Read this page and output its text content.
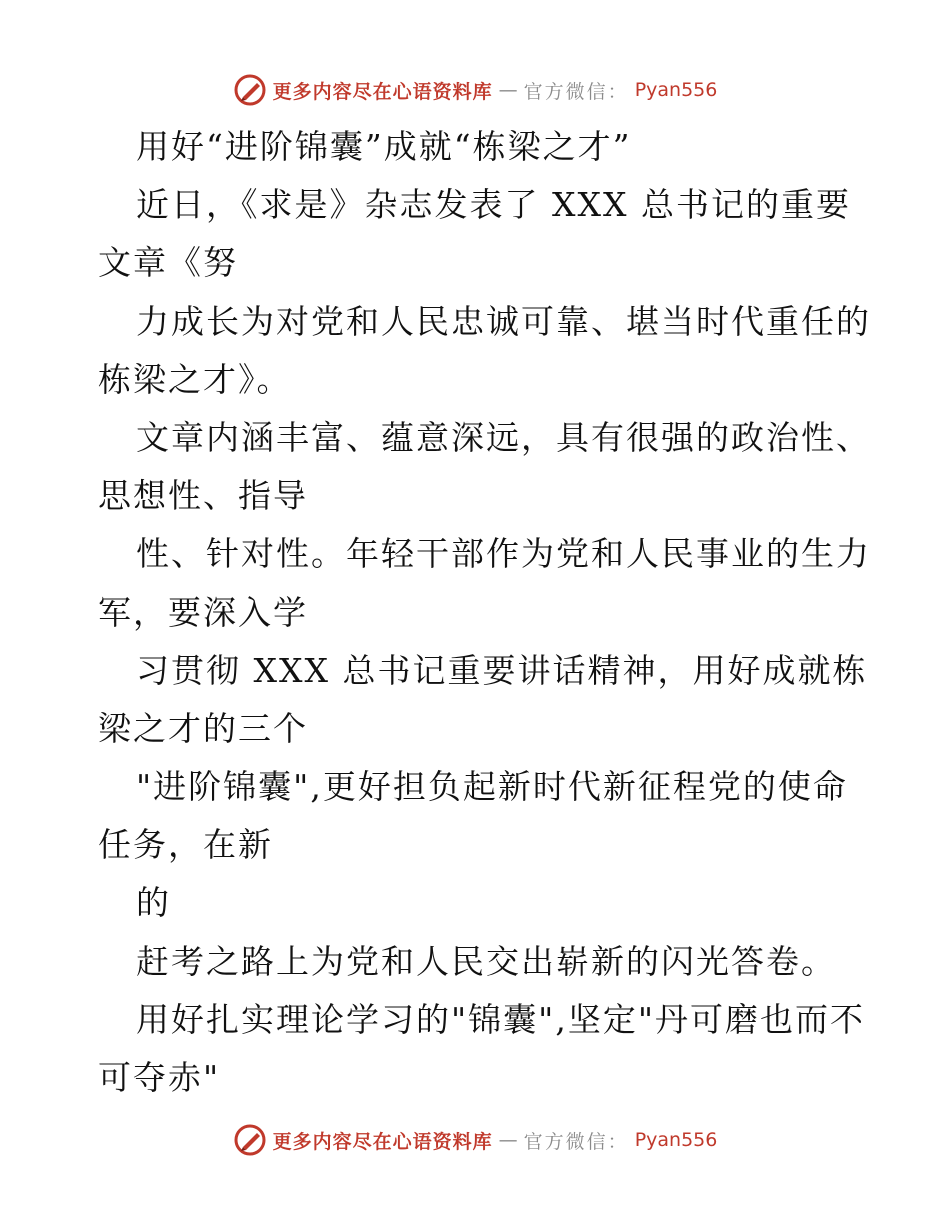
更多内容尽在心语资料库 — 官方微信： Pyan556
用好“进阶锦囊”成就“栋梁之才”
近日，《求是》杂志发表了 XXX 总书记的重要
文章《努
力成长为对党和人民忠诚可靠、堪当时代重任的
栋梁之才》。
文章内涵丰富、蕴意深远，具有很强的政治性、
思想性、指导
性、针对性。年轻干部作为党和人民事业的生力
军，要深入学
习贯彻 XXX 总书记重要讲话精神，用好成就栋
梁之才的三个
"进阶锦囊",更好担负起新时代新征程党的使命
任务，在新
的
赶考之路上为党和人民交出崭新的闪光答卷。
用好扎实理论学习的"锦囊",坚定"丹可磨也而不
可夺赤"
更多内容尽在心语资料库 — 官方微信： Pyan556
